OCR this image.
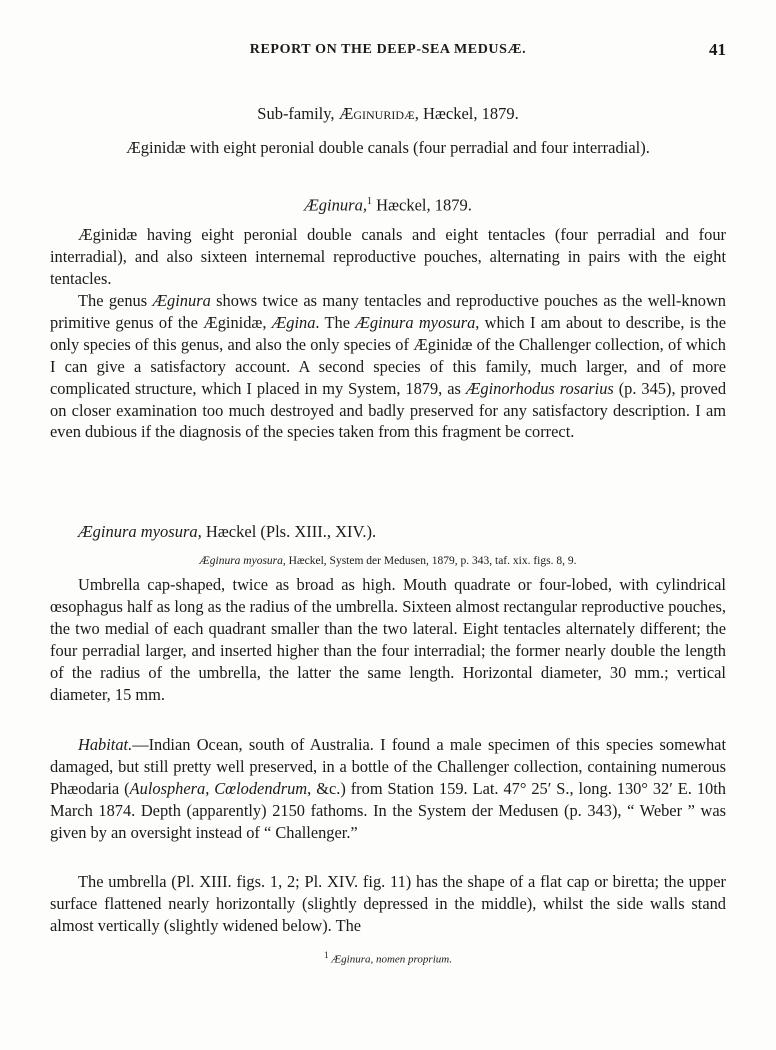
REPORT ON THE DEEP-SEA MEDUSÆ.	41
Sub-family, Æginuridæ, Hæckel, 1879.
Æginidæ with eight peronial double canals (four perradial and four interradial).
Æginura,$^1$ Hæckel, 1879.

Æginidæ having eight peronial double canals and eight tentacles (four perradial and four interradial), and also sixteen internemal reproductive pouches, alternating in pairs with the eight tentacles.

The genus Æginura shows twice as many tentacles and reproductive pouches as the well-known primitive genus of the Æginidæ, Ægina. The Æginura myosura, which I am about to describe, is the only species of this genus, and also the only species of Æginidæ of the Challenger collection, of which I can give a satisfactory account. A second species of this family, much larger, and of more complicated structure, which I placed in my System, 1879, as Æginorhodus rosarius (p. 345), proved on closer examination too much destroyed and badly preserved for any satisfactory description. I am even dubious if the diagnosis of the species taken from this fragment be correct.

Æginura myosura, Hæckel (Pls. XIII., XIV.).
Æginura myosura, Hæckel, System der Medusen, 1879, p. 343, taf. xix. figs. 8, 9.

Umbrella cap-shaped, twice as broad as high. Mouth quadrate or four-lobed, with cylindrical œsophagus half as long as the radius of the umbrella. Sixteen almost rectangular reproductive pouches, the two medial of each quadrant smaller than the two lateral. Eight tentacles alternately different; the four perradial larger, and inserted higher than the four interradial; the former nearly double the length of the radius of the umbrella, the latter the same length. Horizontal diameter, 30 mm.; vertical diameter, 15 mm.

Habitat.—Indian Ocean, south of Australia. I found a male specimen of this species somewhat damaged, but still pretty well preserved, in a bottle of the Challenger collection, containing numerous Phæodaria (Aulosphera, Cœlodendrum, &c.) from Station 159. Lat. 47° 25′ S., long. 130° 32′ E. 10th March 1874. Depth (apparently) 2150 fathoms. In the System der Medusen (p. 343), “ Weber ” was given by an oversight instead of “ Challenger.”

The umbrella (Pl. XIII. figs. 1, 2; Pl. XIV. fig. 11) has the shape of a flat cap or biretta; the upper surface flattened nearly horizontally (slightly depressed in the middle), whilst the side walls stand almost vertically (slightly widened below). The

$^1$ Æginura, nomen proprium.
